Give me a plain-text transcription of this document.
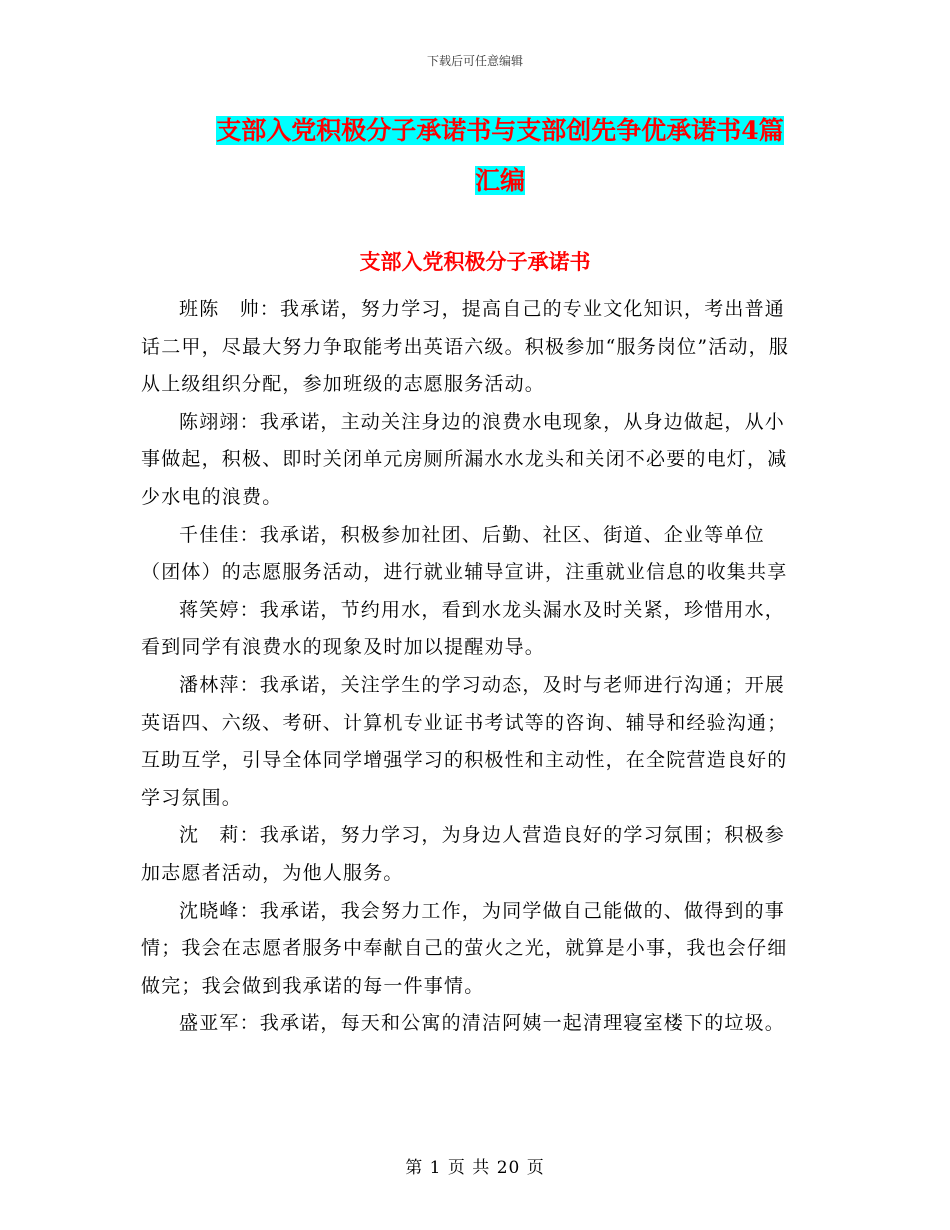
下载后可任意编辑
支部入党积极分子承诺书与支部创先争优承诺书4篇
汇编
支部入党积极分子承诺书

班陈　帅：我承诺，努力学习，提高自己的专业文化知识，考出普通话二甲，尽最大努力争取能考出英语六级。积极参加“服务岗位”活动，服从上级组织分配，参加班级的志愿服务活动。

陈翊翊：我承诺，主动关注身边的浪费水电现象，从身边做起，从小事做起，积极、即时关闭单元房厕所漏水水龙头和关闭不必要的电灯，减少水电的浪费。

千佳佳：我承诺，积极参加社团、后勤、社区、街道、企业等单位（团体）的志愿服务活动，进行就业辅导宣讲，注重就业信息的收集共享

蒋笑婷：我承诺，节约用水，看到水龙头漏水及时关紧，珍惜用水，看到同学有浪费水的现象及时加以提醒劝导。

潘林萍：我承诺，关注学生的学习动态，及时与老师进行沟通；开展英语四、六级、考研、计算机专业证书考试等的咨询、辅导和经验沟通；互助互学，引导全体同学增强学习的积极性和主动性，在全院营造良好的学习氛围。

沈　莉：我承诺，努力学习，为身边人营造良好的学习氛围；积极参加志愿者活动，为他人服务。

沈晓峰：我承诺，我会努力工作，为同学做自己能做的、做得到的事情；我会在志愿者服务中奉献自己的萤火之光，就算是小事，我也会仔细做完；我会做到我承诺的每一件事情。

盛亚军：我承诺，每天和公寓的清洁阿姨一起清理寝室楼下的垃圾。

第 1 页 共 20 页
